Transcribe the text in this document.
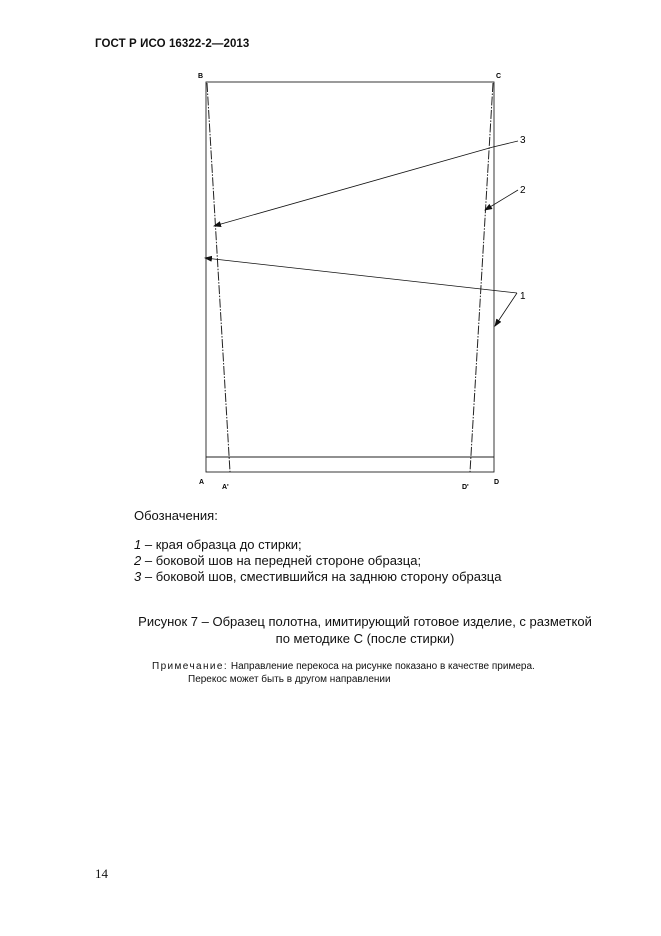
ГОСТ Р ИСО 16322-2—2013
B	C
A	D
A'	D'
3
2
1
Обозначения:
1 – края образца до стирки;
2 – боковой шов на передней стороне образца;
3 – боковой шов, сместившийся на заднюю сторону образца
Рисунок 7 – Образец полотна, имитирующий готовое изделие, с разметкой
по методике С (после стирки)
Примечание: Направление перекоса на рисунке показано в качестве примера.
Перекос может быть в другом направлении
14
